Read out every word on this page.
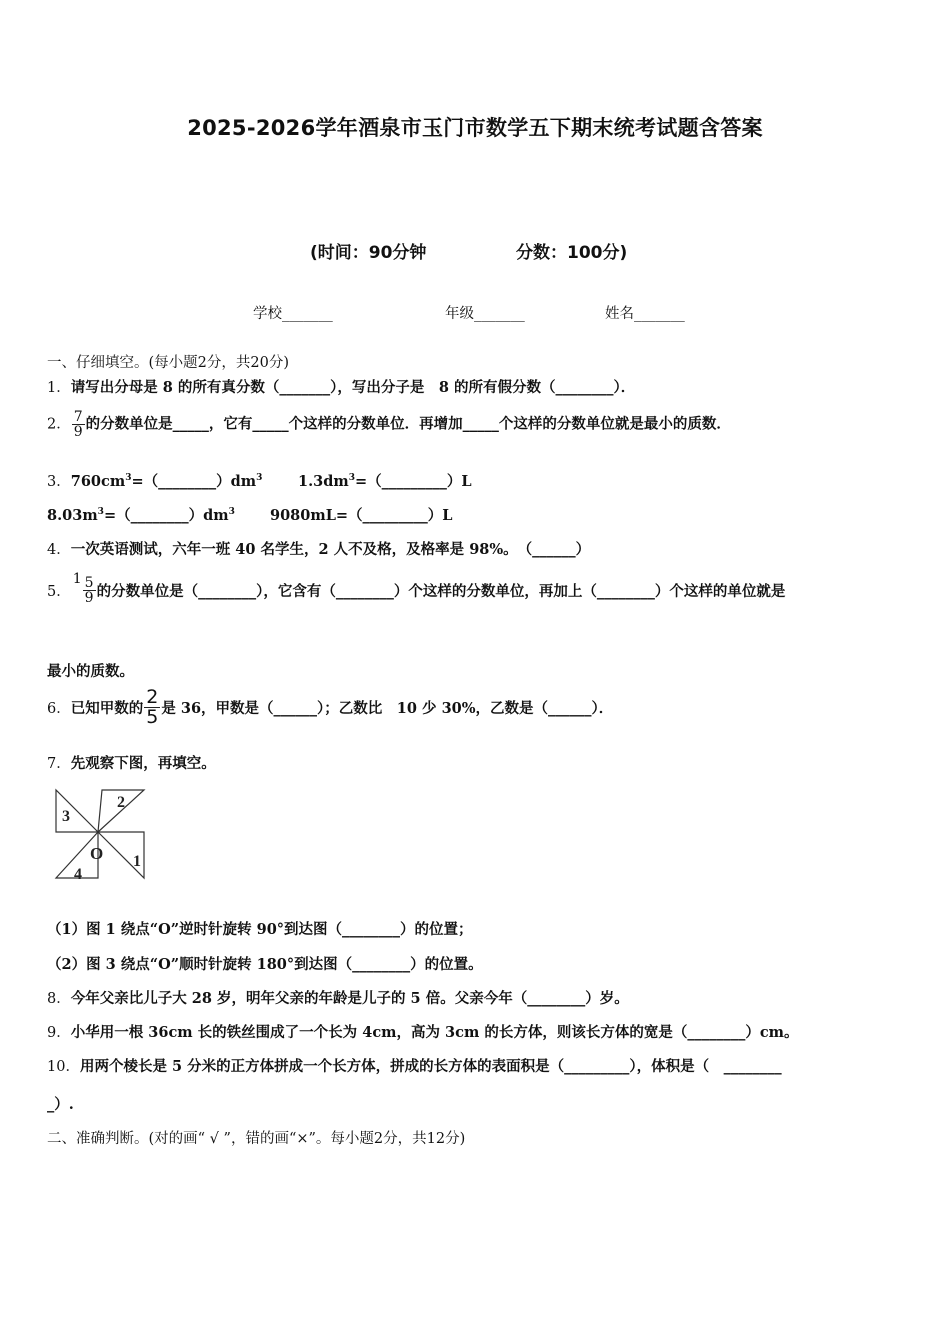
2025-2026学年酒泉市玉门市数学五下期末统考试题含答案
(时间：90分钟	分数：100分)
学校_______	年级_______	姓名_______
一、仔细填空。(每小题2分，共20分)
1．请写出分母是 8 的所有真分数（_______），写出分子是　8 的所有假分数（________）．
2． $\frac{7}{9}$ 的分数单位是_____，它有_____个这样的分数单位．再增加_____个这样的分数单位就是最小的质数．
3．$760cm^3=(\_\_\_\_\_\_\_\_)dm^3$ $1.3dm^3=(\_\_\_\_\_\_\_\_\_)L$
$8.03m^3=(\_\_\_\_\_\_\_\_)dm^3$ 9080mL=（_________）L
4．一次英语测试，六年一班 40 名学生，2 人不及格，及格率是 98%。　（______）
5．$1 \frac{5}{9}$ 的分数单位是（________），它含有（________）个这样的分数单位，再加上（________）个这样的单位就是
最小的质数。
6．已知甲数的 $\frac{2}{5}$ 是 36，甲数是（______）；乙数比　10 少 30%，乙数是（______）．
7．先观察下图，再填空。
3
2
1
4
O
（1）图 1 绕点“O”逆时针旋转 90°到达图（________）的位置；
（2）图 3 绕点“O”顺时针旋转 180°到达图（________）的位置。
8．今年父亲比儿子大 28 岁，明年父亲的年龄是儿子的 5 倍。父亲今年（________）岁。
9．小华用一根 36cm 长的铁丝围成了一个长为 4cm，高为 3cm 的长方体，则该长方体的宽是（________）cm。
10．用两个棱长是 5 分米的正方体拼成一个长方体，拼成的长方体的表面积是（_________），体积是（　________
_）.
二、准确判断。(对的画“ √ ”，错的画“×”。每小题2分，共12分)
